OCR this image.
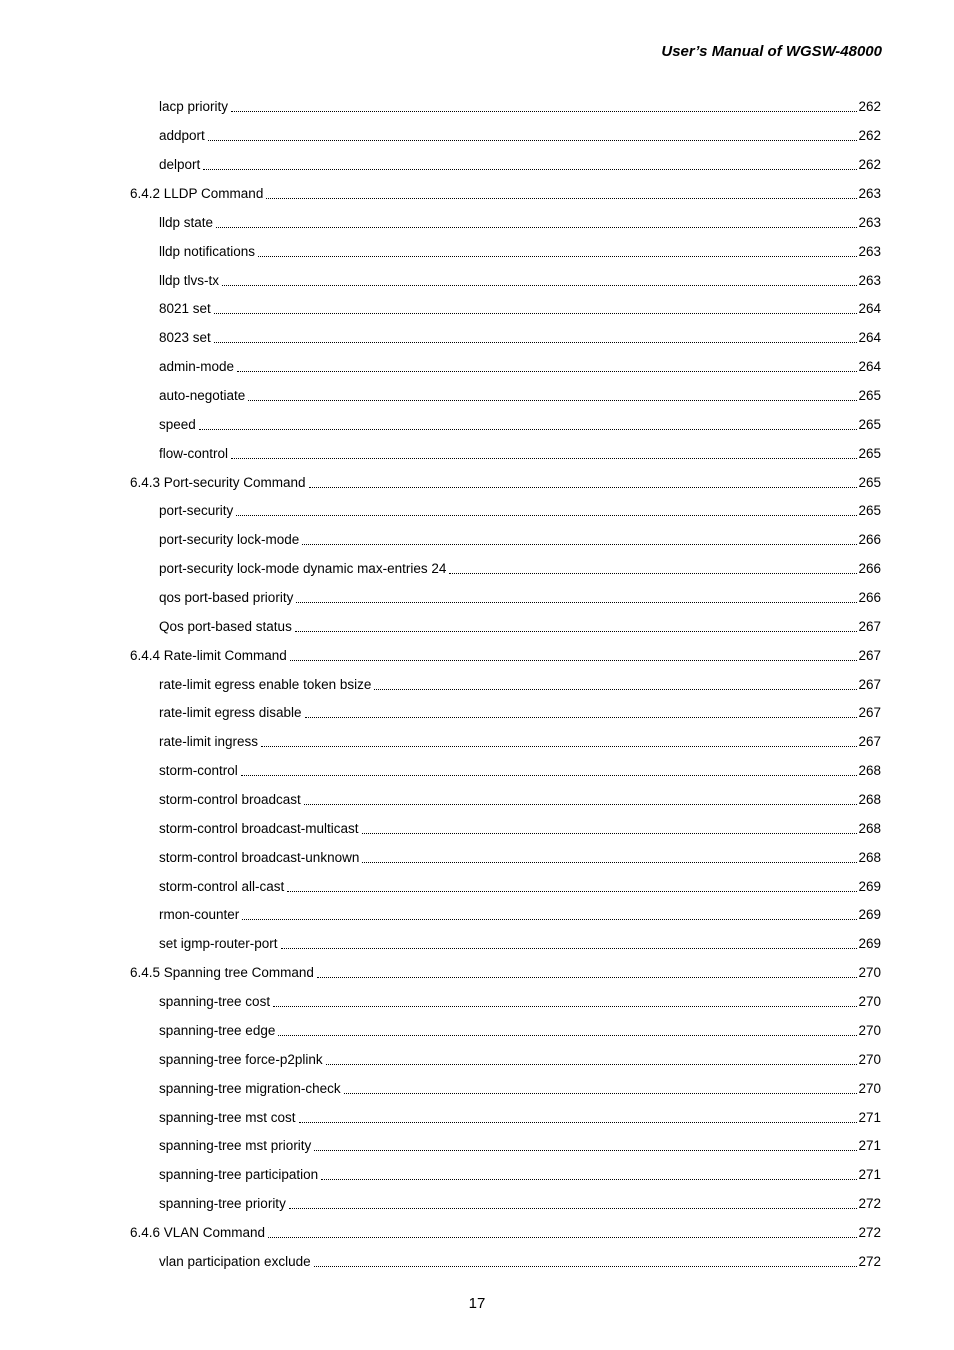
User’s Manual of WGSW-48000
lacp priority	262
addport	262
delport	262
6.4.2 LLDP Command	263
lldp state	263
lldp notifications	263
lldp tlvs-tx	263
8021 set	264
8023 set	264
admin-mode	264
auto-negotiate	265
speed	265
flow-control	265
6.4.3 Port-security Command	265
port-security	265
port-security lock-mode	266
port-security lock-mode dynamic max-entries 24	266
qos port-based priority	266
Qos port-based status	267
6.4.4 Rate-limit Command	267
rate-limit egress enable token bsize	267
rate-limit egress disable	267
rate-limit ingress	267
storm-control	268
storm-control broadcast	268
storm-control broadcast-multicast	268
storm-control broadcast-unknown	268
storm-control all-cast	269
rmon-counter	269
set igmp-router-port	269
6.4.5 Spanning tree Command	270
spanning-tree cost	270
spanning-tree edge	270
spanning-tree force-p2plink	270
spanning-tree migration-check	270
spanning-tree mst cost	271
spanning-tree mst priority	271
spanning-tree participation	271
spanning-tree priority	272
6.4.6 VLAN Command	272
vlan participation exclude	272
17
